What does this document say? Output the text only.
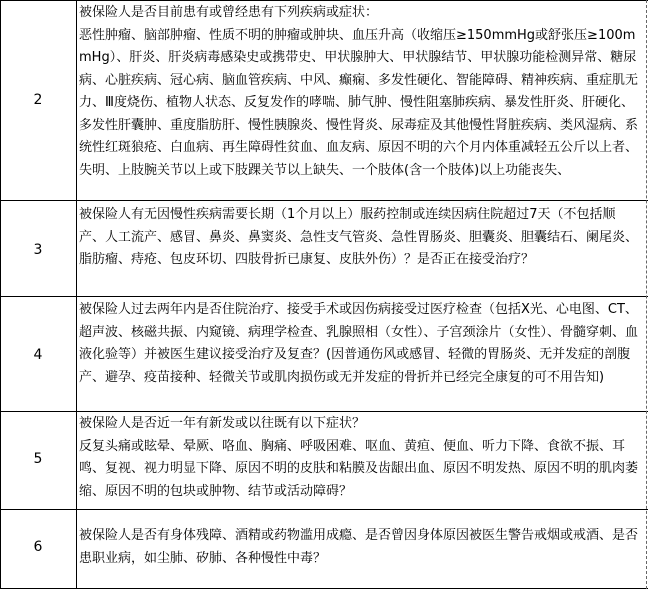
2
被保险人是否目前患有或曾经患有下列疾病或症状：
恶性肿瘤、脑部肿瘤、性质不明的肿瘤或肿块、血压升高（收缩压≥150mmHg或舒张压≥100mmHg）、肝炎、肝炎病毒感染史或携带史、甲状腺肿大、甲状腺结节、甲状腺功能检测异常、糖尿病、心脏疾病、冠心病、脑血管疾病、中风、癫痫、多发性硬化、智能障碍、精神疾病、重症肌无力、Ⅲ度烧伤、植物人状态、反复发作的哮喘、肺气肿、慢性阻塞肺疾病、暴发性肝炎、肝硬化、多发性肝囊肿、重度脂肪肝、慢性胰腺炎、慢性肾炎、尿毒症及其他慢性肾脏疾病、类风湿病、系统性红斑狼疮、白血病、再生障碍性贫血、血友病、原因不明的六个月内体重减轻五公斤以上者、失明、上肢腕关节以上或下肢踝关节以上缺失、一个肢体(含一个肢体)以上功能丧失、
3
被保险人有无因慢性疾病需要长期（1个月以上）服药控制或连续因病住院超过7天（不包括顺产、人工流产、感冒、鼻炎、鼻窦炎、急性支气管炎、急性胃肠炎、胆囊炎、胆囊结石、阑尾炎、脂肪瘤、痔疮、包皮环切、四肢骨折已康复、皮肤外伤）？是否正在接受治疗？
4
被保险人过去两年内是否住院治疗、接受手术或因伤病接受过医疗检查（包括X光、心电图、CT、超声波、核磁共振、内窥镜、病理学检查、乳腺照相（女性）、子宫颈涂片（女性）、骨髓穿刺、血液化验等）并被医生建议接受治疗及复查？(因普通伤风或感冒、轻微的胃肠炎、无并发症的剖腹产、避孕、疫苗接种、轻微关节或肌肉损伤或无并发症的骨折并已经完全康复的可不用告知)
5
被保险人是否近一年有新发或以往既有以下症状？
反复头痛或眩晕、晕厥、咯血、胸痛、呼吸困难、呕血、黄疸、便血、听力下降、食欲不振、耳鸣、复视、视力明显下降、原因不明的皮肤和粘膜及齿龈出血、原因不明发热、原因不明的肌肉萎缩、原因不明的包块或肿物、结节或活动障碍？
6
被保险人是否有身体残障、酒精或药物滥用成瘾、是否曾因身体原因被医生警告戒烟或戒酒、是否患职业病，如尘肺、矽肺、各种慢性中毒？
